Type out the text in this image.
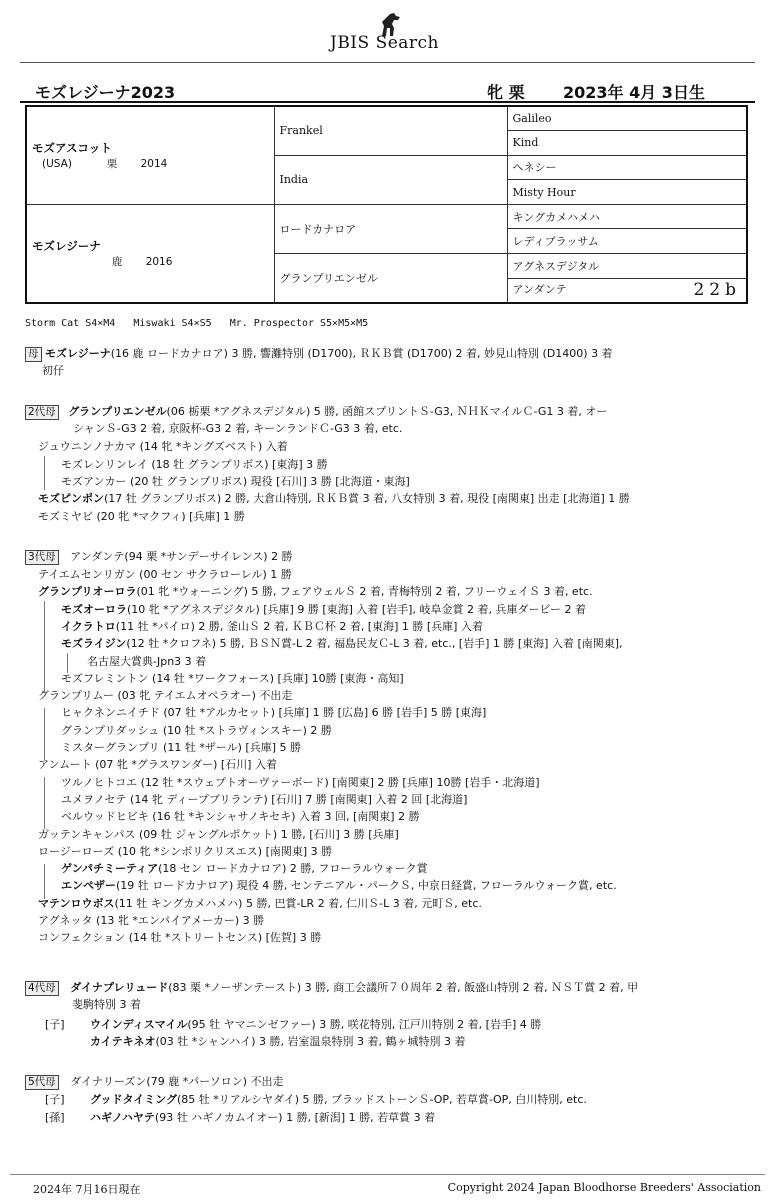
JBIS Search
モズレジーナ2023	牝 栗 2023年 4月 3日生
モズアスコット
(USA) 栗 2014	Frankel	Galileo
		Kind
	India	ヘネシー
		Misty Hour

モズレジーナ
鹿 2016	ロードカナロア	キングカメハメハ
		レディブラッサム
	グランプリエンゼル	アグネスデジタル
		アンダンテ 22b
Storm Cat S4×M4   Miswaki S4×S5   Mr. Prospector S5×M5×M5
母 モズレジーナ(16 鹿 ロードカナロア) 3 勝, 響灘特別 (D1700), ＲＫＢ賞 (D1700) 2 着, 妙見山特別 (D1400) 3 着
初仔
2代母 グランプリエンゼル(06 栃栗 *アグネスデジタル) 5 勝, 函館スプリントＳ-G3, ＮＨＫマイルＣ-G1 3 着, オー
シャンＳ-G3 2 着, 京阪杯-G3 2 着, キーンランドＣ-G3 3 着, etc.
ジュウニンノナカマ (14 牝 *キングズベスト) 入着
モズレンリンレイ (18 牡 グランプリボス) [東海] 3 勝
モズアンカー (20 牡 グランプリボス) 現役 [石川] 3 勝 [北海道・東海]
モズピンポン(17 牡 グランプリボス) 2 勝, 大倉山特別, ＲＫＢ賞 3 着, 八女特別 3 着, 現役 [南関東] 出走 [北海道] 1 勝
モズミヤビ (20 牝 *マクフィ) [兵庫] 1 勝
3代母 アンダンテ(94 栗 *サンデーサイレンス) 2 勝
テイエムセンリガン (00 セン サクラローレル) 1 勝
グランプリオーロラ(01 牝 *ウォーニング) 5 勝, フェアウェルＳ 2 着, 青梅特別 2 着, フリーウェイＳ 3 着, etc.
モズオーロラ(10 牝 *アグネスデジタル) [兵庫] 9 勝 [東海] 入着 [岩手], 岐阜金賞 2 着, 兵庫ダービー 2 着
イクラトロ(11 牡 *パイロ) 2 勝, 釜山Ｓ 2 着, ＫＢＣ杯 2 着, [東海] 1 勝 [兵庫] 入着
モズライジン(12 牡 *クロフネ) 5 勝, ＢＳＮ賞-L 2 着, 福島民友Ｃ-L 3 着, etc., [岩手] 1 勝 [東海] 入着 [南関東],
名古屋大賞典-Jpn3 3 着
モズフレミントン (14 牡 *ワークフォース) [兵庫] 10勝 [東海・高知]
グランプリムー (03 牝 テイエムオペラオー) 不出走
ヒャクネンニイチド (07 牡 *アルカセット) [兵庫] 1 勝 [広島] 6 勝 [岩手] 5 勝 [東海]
グランプリダッシュ (10 牡 *ストラヴィンスキー) 2 勝
ミスターグランプリ (11 牡 *ザール) [兵庫] 5 勝
アンムート (07 牝 *グラスワンダー) [石川] 入着
ツルノヒトコエ (12 牡 *スウェプトオーヴァーボード) [南関東] 2 勝 [兵庫] 10勝 [岩手・北海道]
ユメヲノセテ (14 牝 ディープブリランテ) [石川] 7 勝 [南関東] 入着 2 回 [北海道]
ベルウッドヒビキ (16 牡 *キンシャサノキセキ) 入着 3 回, [南関東] 2 勝
ガッテンキャンパス (09 牡 ジャングルポケット) 1 勝, [石川] 3 勝 [兵庫]
ロージーローズ (10 牝 *シンボリクリスエス) [南関東] 3 勝
ゲンパチミーティア(18 セン ロードカナロア) 2 勝, フローラルウォーク賞
エンペザー(19 牡 ロードカナロア) 現役 4 勝, センテニアル・パークＳ, 中京日経賞, フローラルウォーク賞, etc.
マテンロウボス(11 牡 キングカメハメハ) 5 勝, 巴賞-LR 2 着, 仁川Ｓ-L 3 着, 元町Ｓ, etc.
アグネッタ (13 牝 *エンパイアメーカー) 3 勝
コンフェクション (14 牡 *ストリートセンス) [佐賀] 3 勝
4代母 ダイナプレリュード(83 栗 *ノーザンテースト) 3 勝, 商工会議所７０周年 2 着, 飯盛山特別 2 着, ＮＳＴ賞 2 着, 甲
斐駒特別 3 着
[子] ウインディスマイル(95 牡 ヤマニンゼファー) 3 勝, 咲花特別, 江戸川特別 2 着, [岩手] 4 勝
カイテキネオ(03 牡 *シャンハイ) 3 勝, 岩室温泉特別 3 着, 鶴ヶ城特別 3 着
5代母 ダイナリーズン(79 鹿 *パーソロン) 不出走
[子] グッドタイミング(85 牡 *リアルシヤダイ) 5 勝, ブラッドストーンＳ-OP, 若草賞-OP, 白川特別, etc.
[孫] ハギノハヤテ(93 牡 ハギノカムイオー) 1 勝, [新潟] 1 勝, 若草賞 3 着
2024年 7月16日現在	Copyright 2024 Japan Bloodhorse Breeders' Association
